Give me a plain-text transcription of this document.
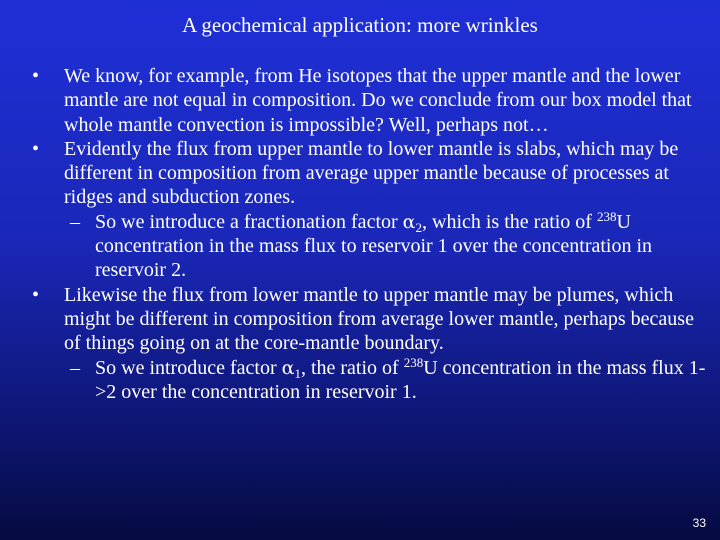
A geochemical application: more wrinkles
• We know, for example, from He isotopes that the upper mantle and the lower mantle are not equal in composition. Do we conclude from our box model that whole mantle convection is impossible? Well, perhaps not…
• Evidently the flux from upper mantle to lower mantle is slabs, which may be different in composition from average upper mantle because of processes at ridges and subduction zones.
– So we introduce a fractionation factor $\alpha_2$, which is the ratio of $^{238}$U concentration in the mass flux to reservoir 1 over the concentration in reservoir 2.
• Likewise the flux from lower mantle to upper mantle may be plumes, which might be different in composition from average lower mantle, perhaps because of things going on at the core-mantle boundary.
– So we introduce factor $\alpha_1$, the ratio of $^{238}$U concentration in the mass flux 1->2 over the concentration in reservoir 1.
33
